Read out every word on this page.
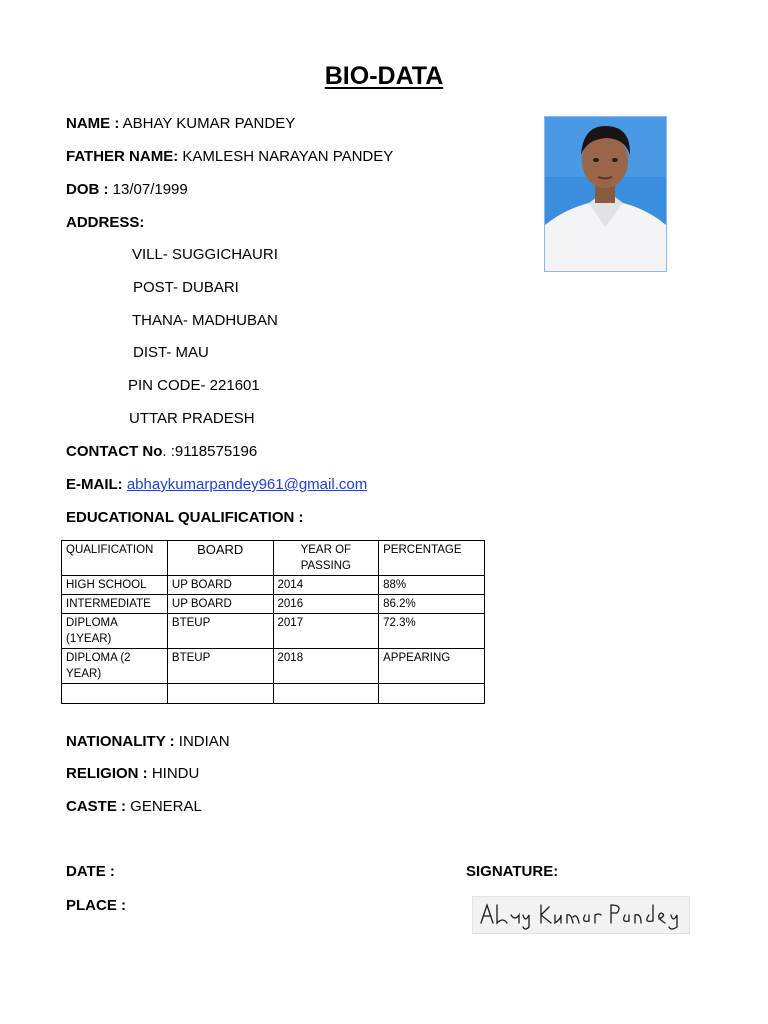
BIO-DATA
NAME : ABHAY KUMAR PANDEY
FATHER NAME: KAMLESH NARAYAN PANDEY
DOB : 13/07/1999
ADDRESS:
VILL- SUGGICHAURI
POST- DUBARI
THANA- MADHUBAN
DIST- MAU
PIN CODE- 221601
UTTAR PRADESH
CONTACT No. :9118575196
E-MAIL: abhaykumarpandey961@gmail.com
EDUCATIONAL QUALIFICATION :
QUALIFICATION	BOARD	YEAR OF PASSING	PERCENTAGE
HIGH SCHOOL	UP BOARD	2014	88%
INTERMEDIATE	UP BOARD	2016	86.2%
DIPLOMA (1YEAR)	BTEUP	2017	72.3%
DIPLOMA (2 YEAR)	BTEUP	2018	APPEARING

NATIONALITY : INDIAN
RELIGION : HINDU
CASTE : GENERAL
DATE :	SIGNATURE:
PLACE :
